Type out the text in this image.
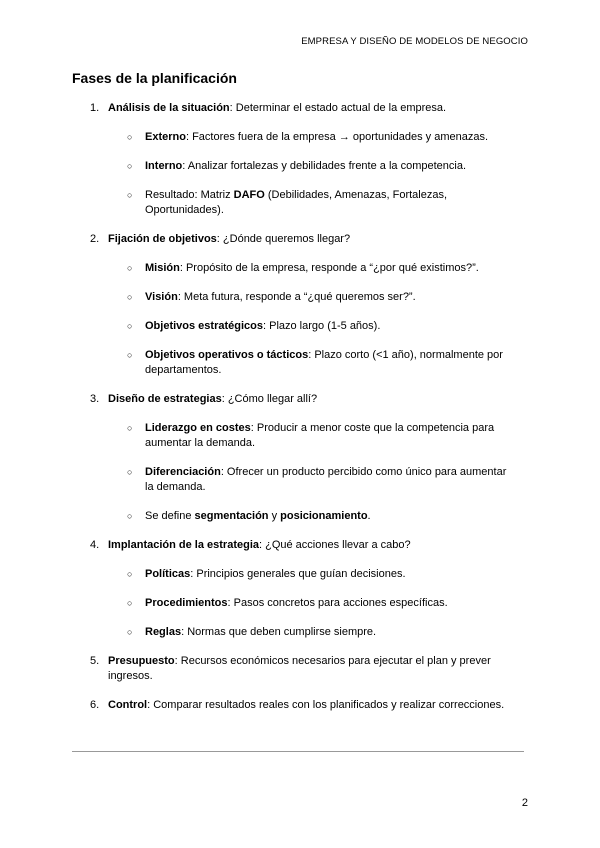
EMPRESA Y DISEÑO DE MODELOS DE NEGOCIO
Fases de la planificación
1. Análisis de la situación: Determinar el estado actual de la empresa.
○ Externo: Factores fuera de la empresa → oportunidades y amenazas.
○ Interno: Analizar fortalezas y debilidades frente a la competencia.
○ Resultado: Matriz DAFO (Debilidades, Amenazas, Fortalezas, Oportunidades).
2. Fijación de objetivos: ¿Dónde queremos llegar?
○ Misión: Propósito de la empresa, responde a “¿por qué existimos?”.
○ Visión: Meta futura, responde a “¿qué queremos ser?”.
○ Objetivos estratégicos: Plazo largo (1-5 años).
○ Objetivos operativos o tácticos: Plazo corto (<1 año), normalmente por departamentos.
3. Diseño de estrategias: ¿Cómo llegar allí?
○ Liderazgo en costes: Producir a menor coste que la competencia para aumentar la demanda.
○ Diferenciación: Ofrecer un producto percibido como único para aumentar la demanda.
○ Se define segmentación y posicionamiento.
4. Implantación de la estrategia: ¿Qué acciones llevar a cabo?
○ Políticas: Principios generales que guían decisiones.
○ Procedimientos: Pasos concretos para acciones específicas.
○ Reglas: Normas que deben cumplirse siempre.
5. Presupuesto: Recursos económicos necesarios para ejecutar el plan y prever ingresos.
6. Control: Comparar resultados reales con los planificados y realizar correcciones.
2
